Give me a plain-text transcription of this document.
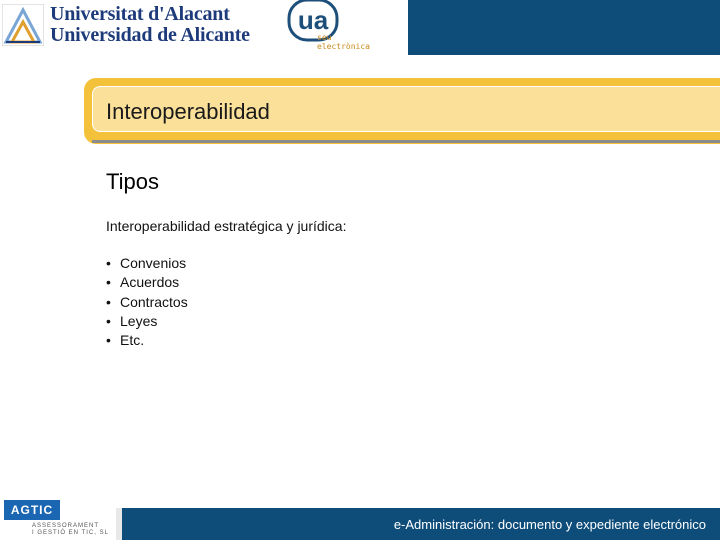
Universitat d'Alacant
Universidad de Alicante ua
seu
electrònica
Interoperabilidad
Tipos
Interoperabilidad estratégica y jurídica:
• Convenios
• Acuerdos
• Contractos
• Leyes
• Etc.
AGTIC
ASSESSORAMENT
I GESTIÓ EN TIC, SL
e-Administración: documento y expediente electrónico
